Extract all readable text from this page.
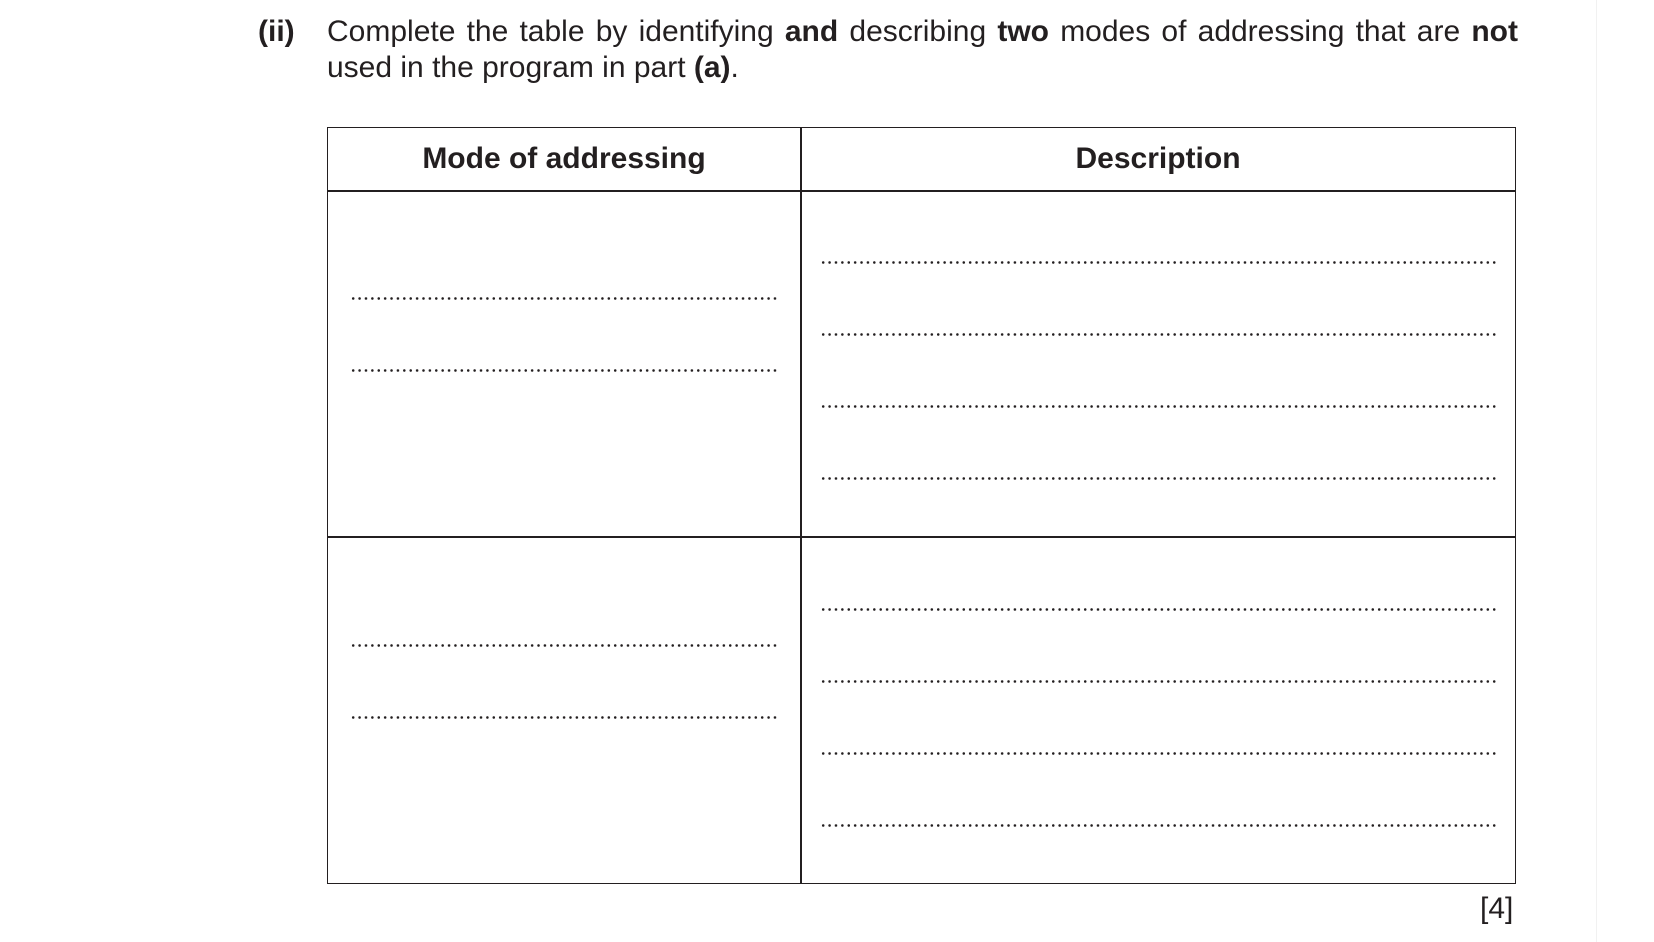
(ii) Complete the table by identifying and describing two modes of addressing that are not used in the program in part (a).
Mode of addressing	Description
[4]
